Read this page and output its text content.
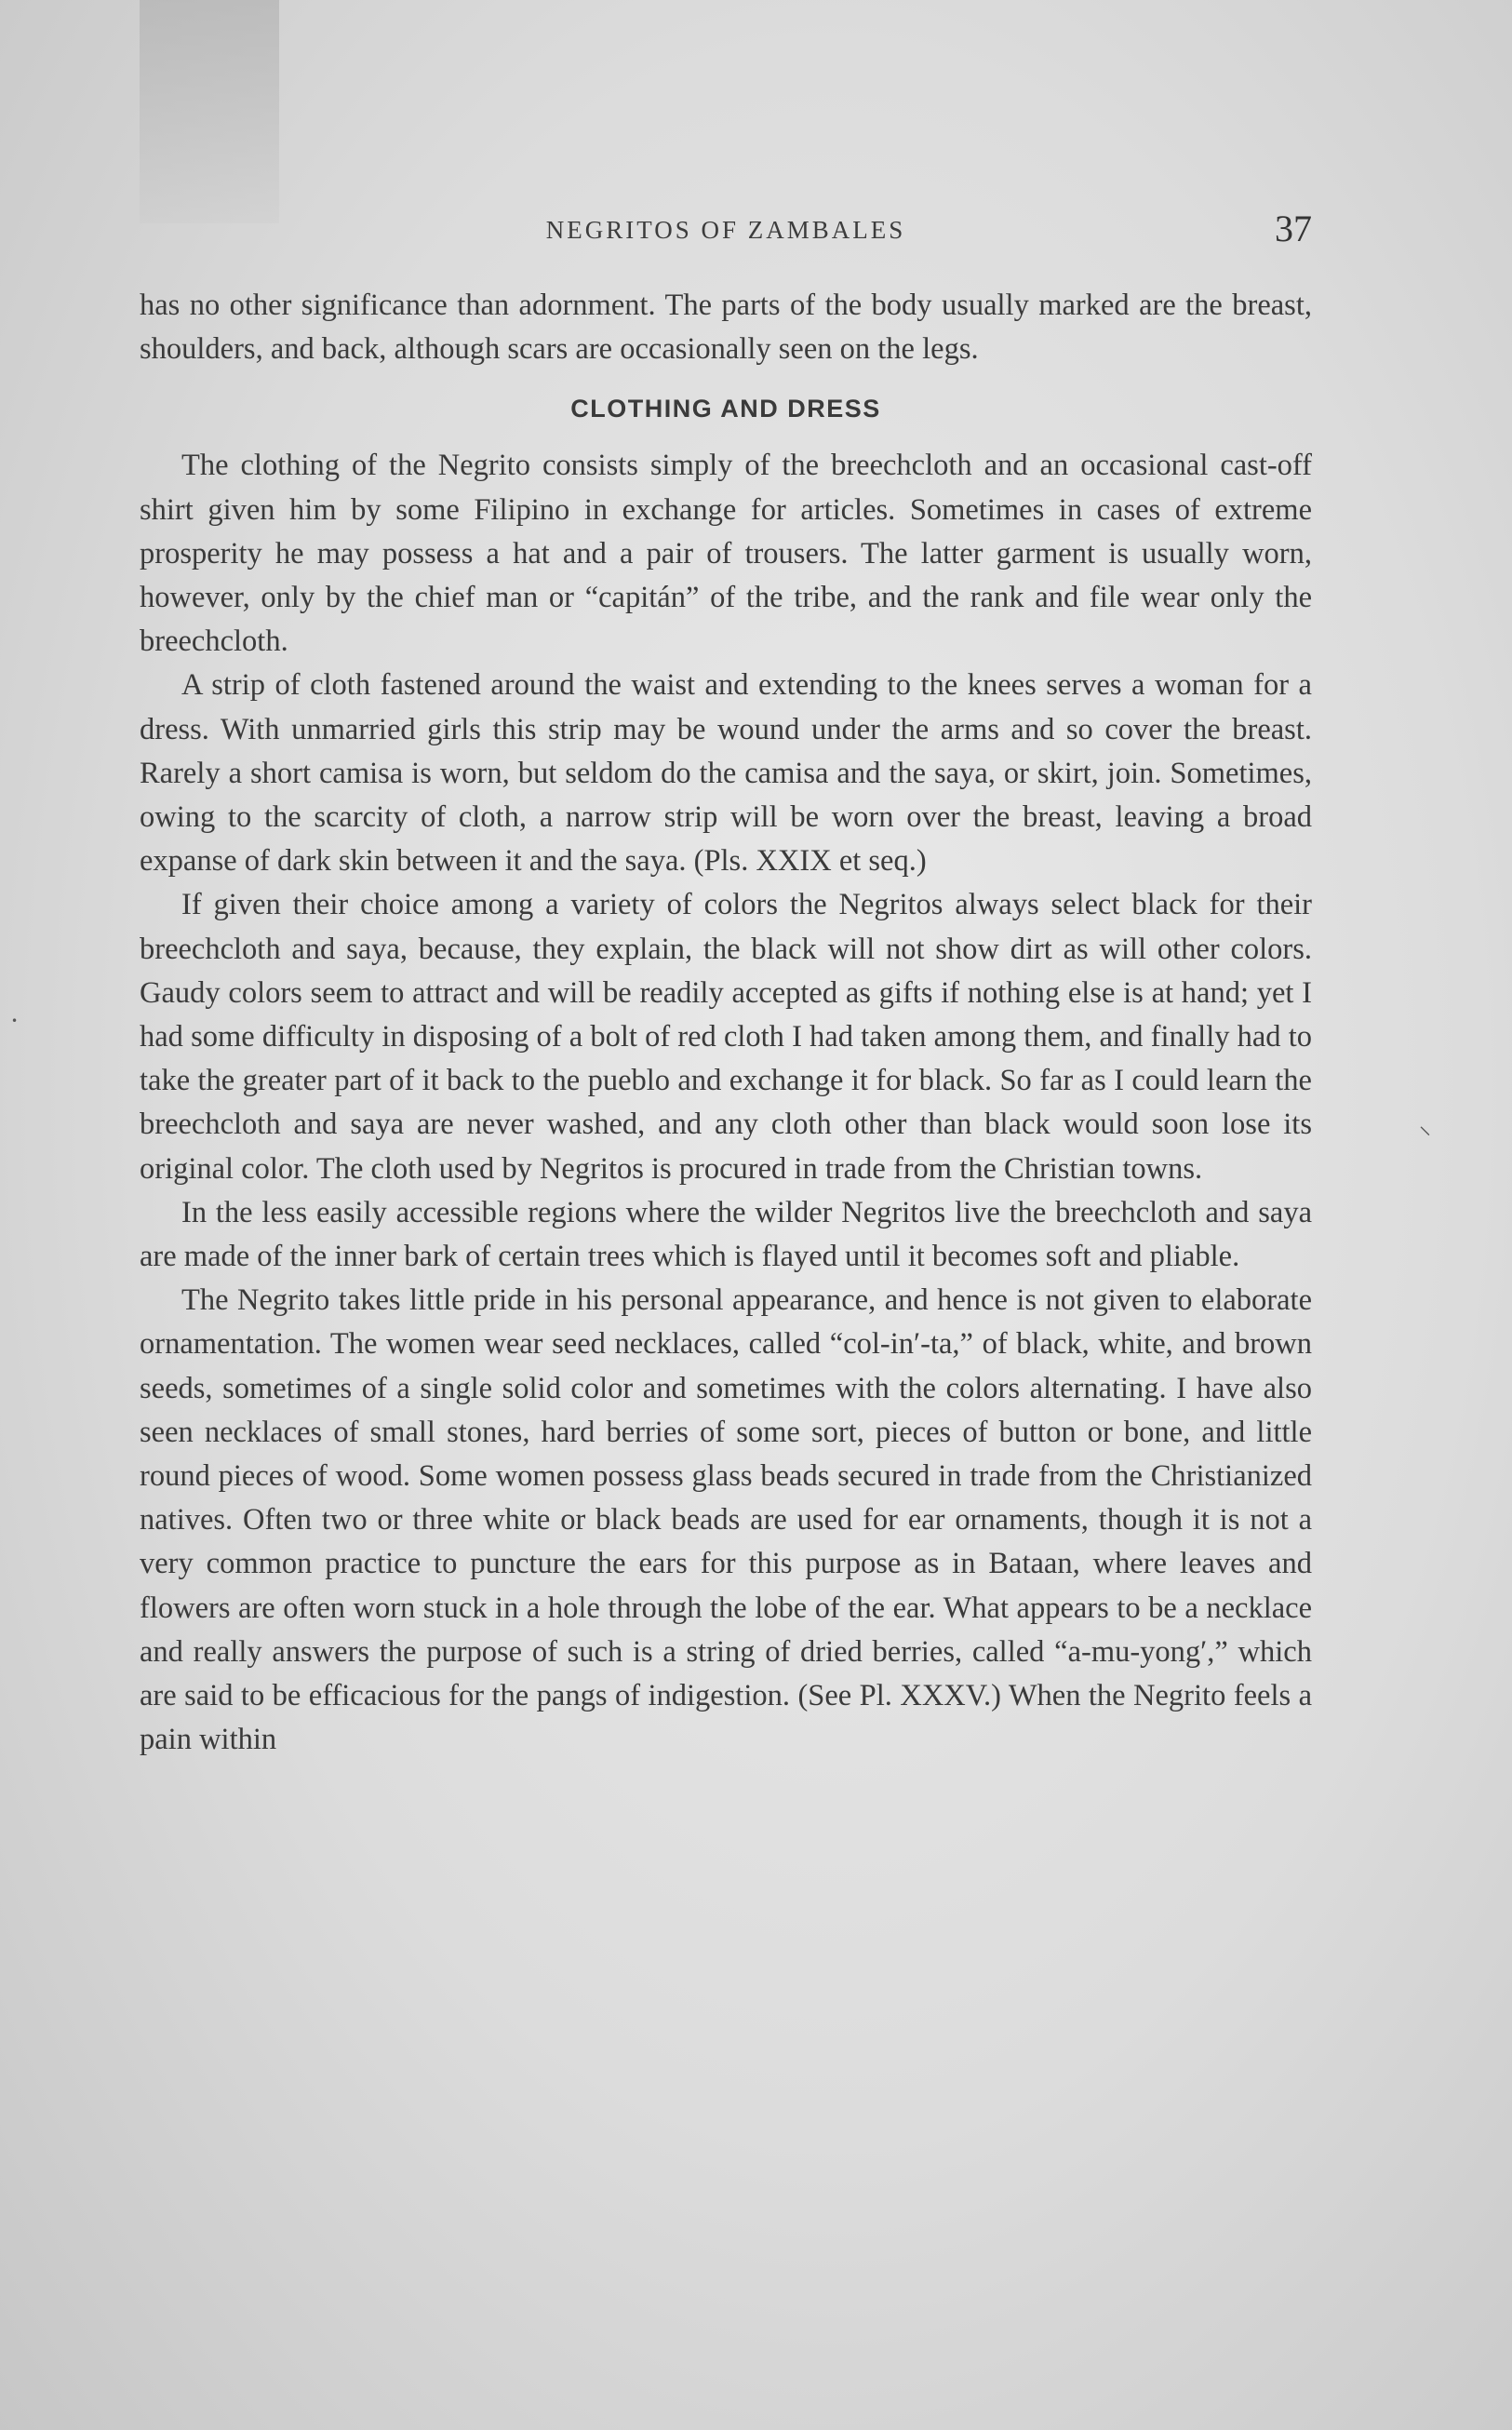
NEGRITOS OF ZAMBALES	37

has no other significance than adornment. The parts of the body usually marked are the breast, shoulders, and back, although scars are occasionally seen on the legs.

CLOTHING AND DRESS

The clothing of the Negrito consists simply of the breechcloth and an occasional cast-off shirt given him by some Filipino in exchange for articles. Sometimes in cases of extreme prosperity he may possess a hat and a pair of trousers. The latter garment is usually worn, however, only by the chief man or “capitán” of the tribe, and the rank and file wear only the breechcloth.

A strip of cloth fastened around the waist and extending to the knees serves a woman for a dress. With unmarried girls this strip may be wound under the arms and so cover the breast. Rarely a short camisa is worn, but seldom do the camisa and the saya, or skirt, join. Sometimes, owing to the scarcity of cloth, a narrow strip will be worn over the breast, leaving a broad expanse of dark skin between it and the saya. (Pls. XXIX et seq.)

If given their choice among a variety of colors the Negritos always select black for their breechcloth and saya, because, they explain, the black will not show dirt as will other colors. Gaudy colors seem to attract and will be readily accepted as gifts if nothing else is at hand; yet I had some difficulty in disposing of a bolt of red cloth I had taken among them, and finally had to take the greater part of it back to the pueblo and exchange it for black. So far as I could learn the breechcloth and saya are never washed, and any cloth other than black would soon lose its original color. The cloth used by Negritos is procured in trade from the Christian towns.

In the less easily accessible regions where the wilder Negritos live the breechcloth and saya are made of the inner bark of certain trees which is flayed until it becomes soft and pliable.

The Negrito takes little pride in his personal appearance, and hence is not given to elaborate ornamentation. The women wear seed necklaces, called “col-in′-ta,” of black, white, and brown seeds, sometimes of a single solid color and sometimes with the colors alternating. I have also seen necklaces of small stones, hard berries of some sort, pieces of button or bone, and little round pieces of wood. Some women possess glass beads secured in trade from the Christianized natives. Often two or three white or black beads are used for ear ornaments, though it is not a very common practice to puncture the ears for this purpose as in Bataan, where leaves and flowers are often worn stuck in a hole through the lobe of the ear. What appears to be a necklace and really answers the purpose of such is a string of dried berries, called “a-mu-yong′,” which are said to be efficacious for the pangs of indigestion. (See Pl. XXXV.) When the Negrito feels a pain within

•
⸜
